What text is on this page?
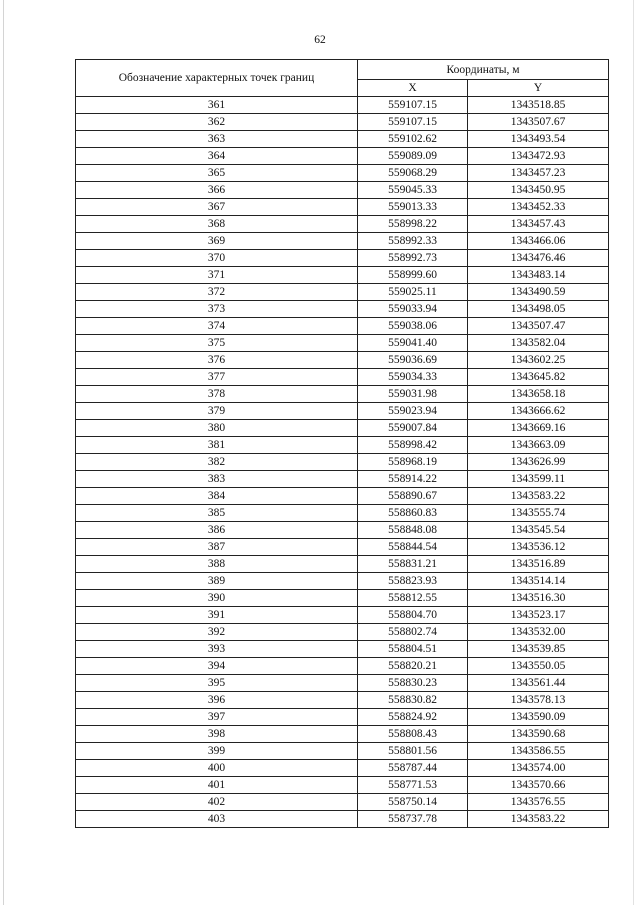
62
Обозначение характерных точек границ	Координаты, м	
	X	Y
361	559107.15	1343518.85
362	559107.15	1343507.67
363	559102.62	1343493.54
364	559089.09	1343472.93
365	559068.29	1343457.23
366	559045.33	1343450.95
367	559013.33	1343452.33
368	558998.22	1343457.43
369	558992.33	1343466.06
370	558992.73	1343476.46
371	558999.60	1343483.14
372	559025.11	1343490.59
373	559033.94	1343498.05
374	559038.06	1343507.47
375	559041.40	1343582.04
376	559036.69	1343602.25
377	559034.33	1343645.82
378	559031.98	1343658.18
379	559023.94	1343666.62
380	559007.84	1343669.16
381	558998.42	1343663.09
382	558968.19	1343626.99
383	558914.22	1343599.11
384	558890.67	1343583.22
385	558860.83	1343555.74
386	558848.08	1343545.54
387	558844.54	1343536.12
388	558831.21	1343516.89
389	558823.93	1343514.14
390	558812.55	1343516.30
391	558804.70	1343523.17
392	558802.74	1343532.00
393	558804.51	1343539.85
394	558820.21	1343550.05
395	558830.23	1343561.44
396	558830.82	1343578.13
397	558824.92	1343590.09
398	558808.43	1343590.68
399	558801.56	1343586.55
400	558787.44	1343574.00
401	558771.53	1343570.66
402	558750.14	1343576.55
403	558737.78	1343583.22
